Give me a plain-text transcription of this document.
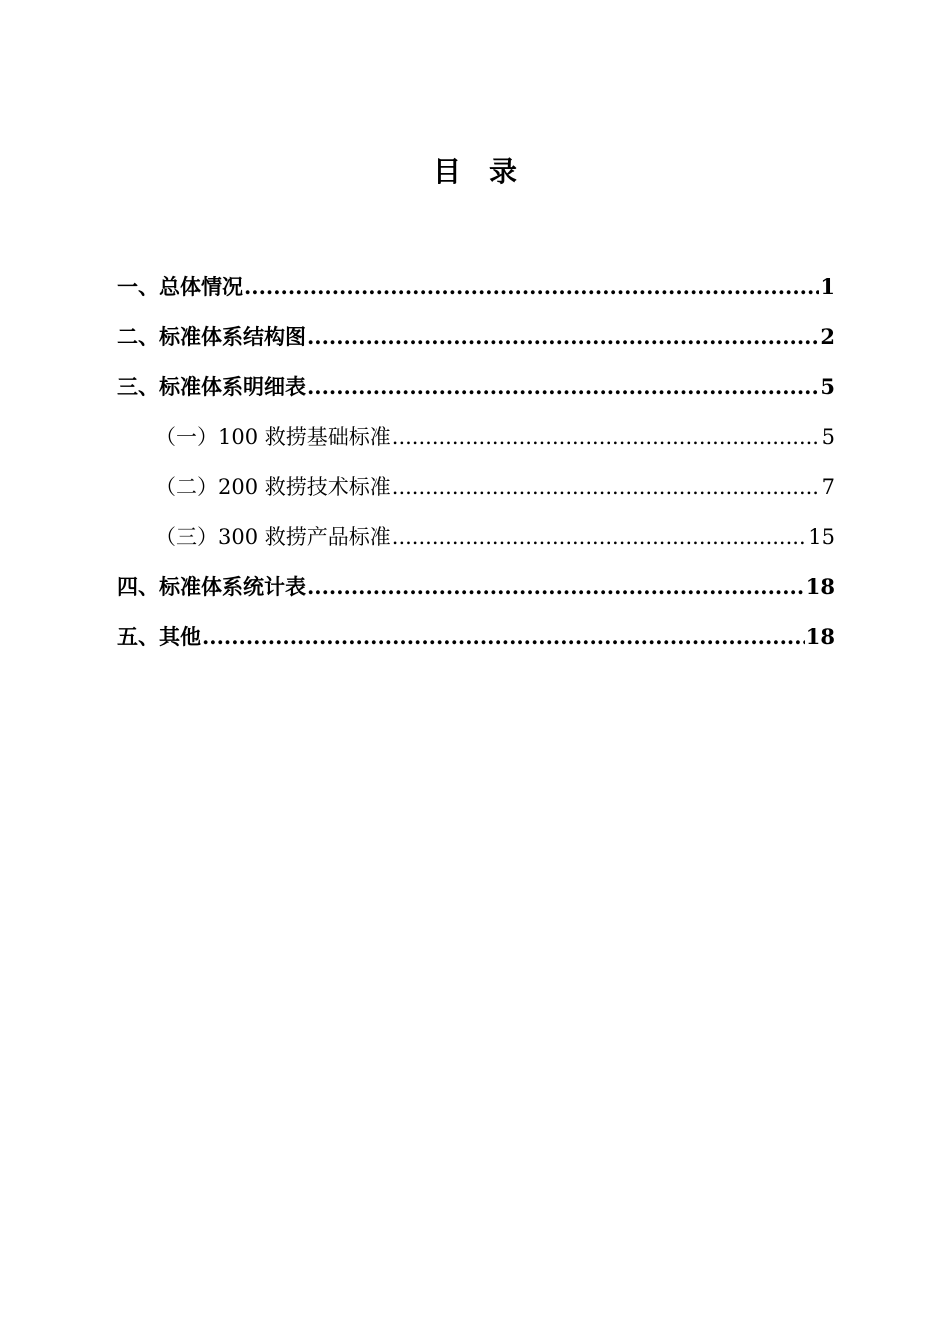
目　录
一、总体情况 .....	1
二、标准体系结构图 .....	2
三、标准体系明细表 .....	5
（一）100 救捞基础标准 .....	5
（二）200 救捞技术标准 .....	7
（三）300 救捞产品标准 .....	15
四、标准体系统计表 .....	18
五、其他 .....	18
